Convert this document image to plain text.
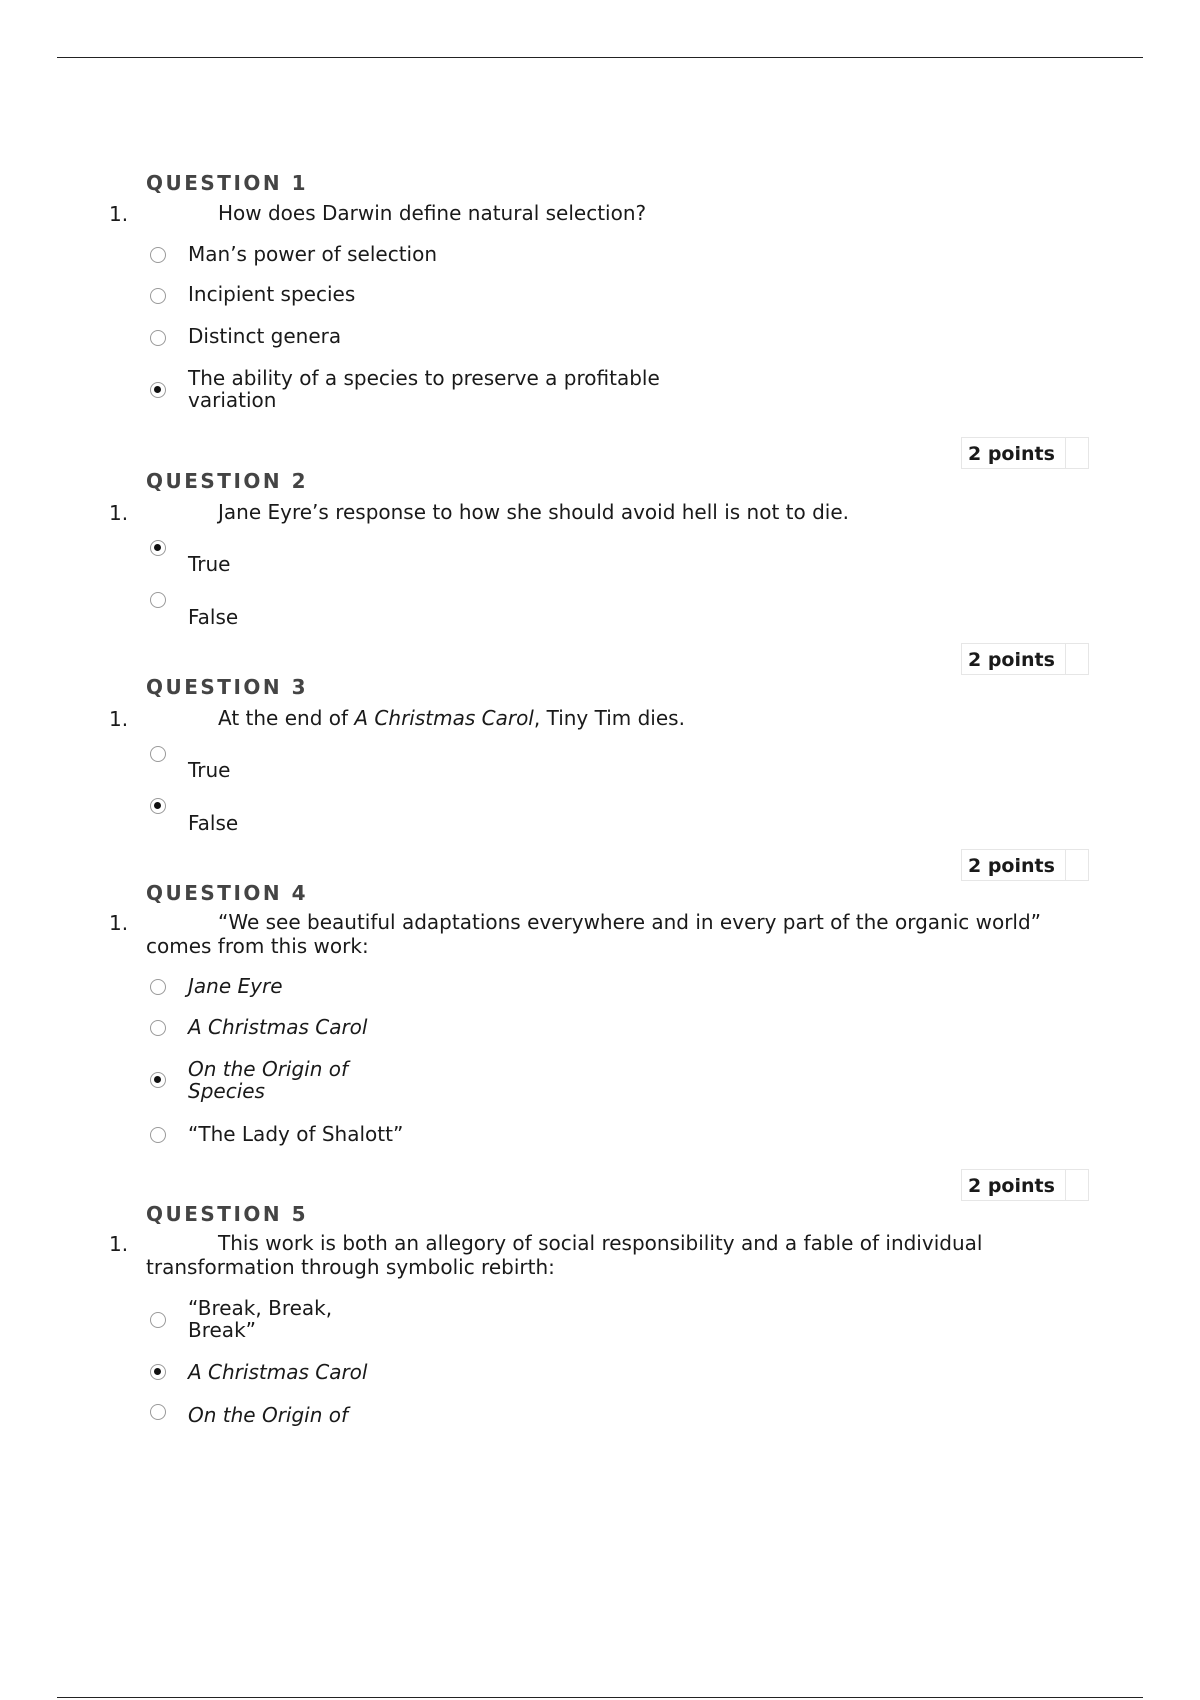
QUESTION 1
1.	How does Darwin define natural selection?
Man’s power of selection
Incipient species
Distinct genera
The ability of a species to preserve a profitable variation
2 points
QUESTION 2
1.	Jane Eyre’s response to how she should avoid hell is not to die.
True
False
2 points
QUESTION 3
1.	At the end of A Christmas Carol, Tiny Tim dies.
True
False
2 points
QUESTION 4
1.	“We see beautiful adaptations everywhere and in every part of the organic world”
comes from this work:
Jane Eyre
A Christmas Carol
On the Origin of Species
“The Lady of Shalott”
2 points
QUESTION 5
1.	This work is both an allegory of social responsibility and a fable of individual
transformation through symbolic rebirth:
“Break, Break, Break”
A Christmas Carol
On the Origin of
